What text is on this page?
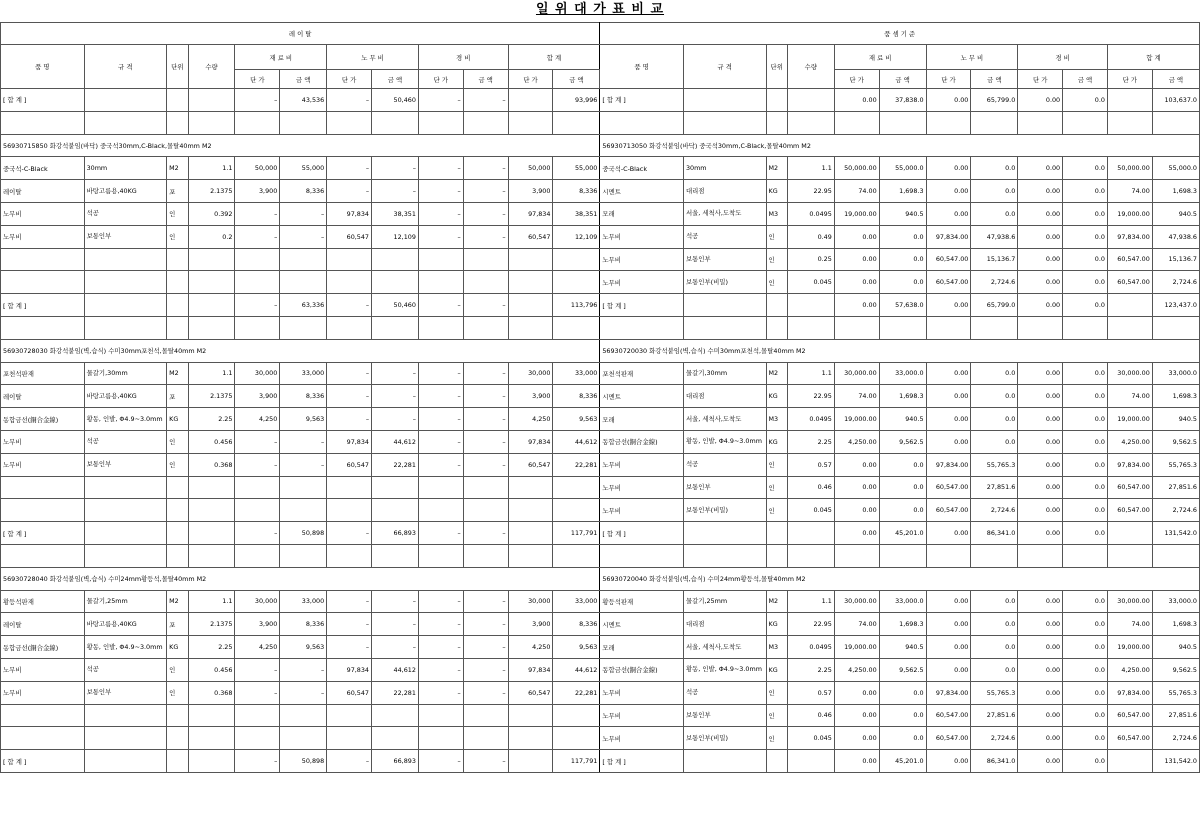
일 위 대 가 표 비 교
레 이 탈												품 셈 기 준											
품 명	규 격	단위	수량	재 료 비		노 무 비		경 비		합 계		품 명	규 격	단위	수량	재 료 비		노 무 비		경 비		합 계	
				단 가	금 액	단 가	금 액	단 가	금 액	단 가	금 액					단 가	금 액	단 가	금 액	단 가	금 액	단 가	금 액
[ 합 계 ]				–	43,536	–	50,460	–	–		93,996	[ 합 계 ]				0.00	37,838.0	0.00	65,799.0	0.00	0.0		103,637.0

56930715850 화강석붙임(바닥) 중국석30mm,C-Black,몰탈40mm M2												56930713050 화강석붙임(바닥) 중국석30mm,C-Black,몰탈40mm M2											
중국석-C-Black	30mm	M2	1.1	50,000	55,000	–	–	–	–	50,000	55,000	중국석-C-Black	30mm	M2	1.1	50,000.00	55,000.0	0.00	0.0	0.00	0.0	50,000.00	55,000.0
레이탈	바탕고름용,40KG	포	2.1375	3,900	8,336	–	–	–	–	3,900	8,336	시멘트	대리점	KG	22.95	74.00	1,698.3	0.00	0.0	0.00	0.0	74.00	1,698.3
노무비	석공	인	0.392	–	–	97,834	38,351	–	–	97,834	38,351	모래	서울, 세척사,도착도	M3	0.0495	19,000.00	940.5	0.00	0.0	0.00	0.0	19,000.00	940.5
노무비	보통인부	인	0.2	–	–	60,547	12,109	–	–	60,547	12,109	노무비	석공	인	0.49	0.00	0.0	97,834.00	47,938.6	0.00	0.0	97,834.00	47,938.6
												노무비	보통인부	인	0.25	0.00	0.0	60,547.00	15,136.7	0.00	0.0	60,547.00	15,136.7
												노무비	보통인부(비밀)	인	0.045	0.00	0.0	60,547.00	2,724.6	0.00	0.0	60,547.00	2,724.6
[ 합 계 ]				–	63,336	–	50,460	–	–		113,796	[ 합 계 ]				0.00	57,638.0	0.00	65,799.0	0.00	0.0		123,437.0

56930728030 화강석붙임(벽,습식) 수미30mm포천석,몰탈40mm M2												56930720030 화강석붙임(벽,습식) 수미30mm포천석,몰탈40mm M2											
포천석판재	물갈기,30mm	M2	1.1	30,000	33,000	–	–	–	–	30,000	33,000	포천석판재	물갈기,30mm	M2	1.1	30,000.00	33,000.0	0.00	0.0	0.00	0.0	30,000.00	33,000.0
레이탈	바탕고름용,40KG	포	2.1375	3,900	8,336	–	–	–	–	3,900	8,336	시멘트	대리점	KG	22.95	74.00	1,698.3	0.00	0.0	0.00	0.0	74.00	1,698.3
동합금선(銅合金線)	황동, 인발, Φ4.9~3.0mm	KG	2.25	4,250	9,563	–	–	–	–	4,250	9,563	모래	서울, 세척사,도착도	M3	0.0495	19,000.00	940.5	0.00	0.0	0.00	0.0	19,000.00	940.5
노무비	석공	인	0.456	–	–	97,834	44,612	–	–	97,834	44,612	동합금선(銅合金線)	황동, 인발, Φ4.9~3.0mm	KG	2.25	4,250.00	9,562.5	0.00	0.0	0.00	0.0	4,250.00	9,562.5
노무비	보통인부	인	0.368	–	–	60,547	22,281	–	–	60,547	22,281	노무비	석공	인	0.57	0.00	0.0	97,834.00	55,765.3	0.00	0.0	97,834.00	55,765.3
												노무비	보통인부	인	0.46	0.00	0.0	60,547.00	27,851.6	0.00	0.0	60,547.00	27,851.6
												노무비	보통인부(비밀)	인	0.045	0.00	0.0	60,547.00	2,724.6	0.00	0.0	60,547.00	2,724.6
[ 합 계 ]				–	50,898	–	66,893	–	–		117,791	[ 합 계 ]				0.00	45,201.0	0.00	86,341.0	0.00	0.0		131,542.0

56930728040 화강석붙임(벽,습식) 수미24mm황등석,몰탈40mm M2												56930720040 화강석붙임(벽,습식) 수미24mm황등석,몰탈40mm M2											
황등석판재	물갈기,25mm	M2	1.1	30,000	33,000	–	–	–	–	30,000	33,000	황등석판재	물갈기,25mm	M2	1.1	30,000.00	33,000.0	0.00	0.0	0.00	0.0	30,000.00	33,000.0
레이탈	바탕고름용,40KG	포	2.1375	3,900	8,336	–	–	–	–	3,900	8,336	시멘트	대리점	KG	22.95	74.00	1,698.3	0.00	0.0	0.00	0.0	74.00	1,698.3
동합금선(銅合金線)	황동, 인발, Φ4.9~3.0mm	KG	2.25	4,250	9,563	–	–	–	–	4,250	9,563	모래	서울, 세척사,도착도	M3	0.0495	19,000.00	940.5	0.00	0.0	0.00	0.0	19,000.00	940.5
노무비	석공	인	0.456	–	–	97,834	44,612	–	–	97,834	44,612	동합금선(銅合金線)	황동, 인발, Φ4.9~3.0mm	KG	2.25	4,250.00	9,562.5	0.00	0.0	0.00	0.0	4,250.00	9,562.5
노무비	보통인부	인	0.368	–	–	60,547	22,281	–	–	60,547	22,281	노무비	석공	인	0.57	0.00	0.0	97,834.00	55,765.3	0.00	0.0	97,834.00	55,765.3
												노무비	보통인부	인	0.46	0.00	0.0	60,547.00	27,851.6	0.00	0.0	60,547.00	27,851.6
												노무비	보통인부(비밀)	인	0.045	0.00	0.0	60,547.00	2,724.6	0.00	0.0	60,547.00	2,724.6
[ 합 계 ]				–	50,898	–	66,893	–	–		117,791	[ 합 계 ]				0.00	45,201.0	0.00	86,341.0	0.00	0.0		131,542.0
